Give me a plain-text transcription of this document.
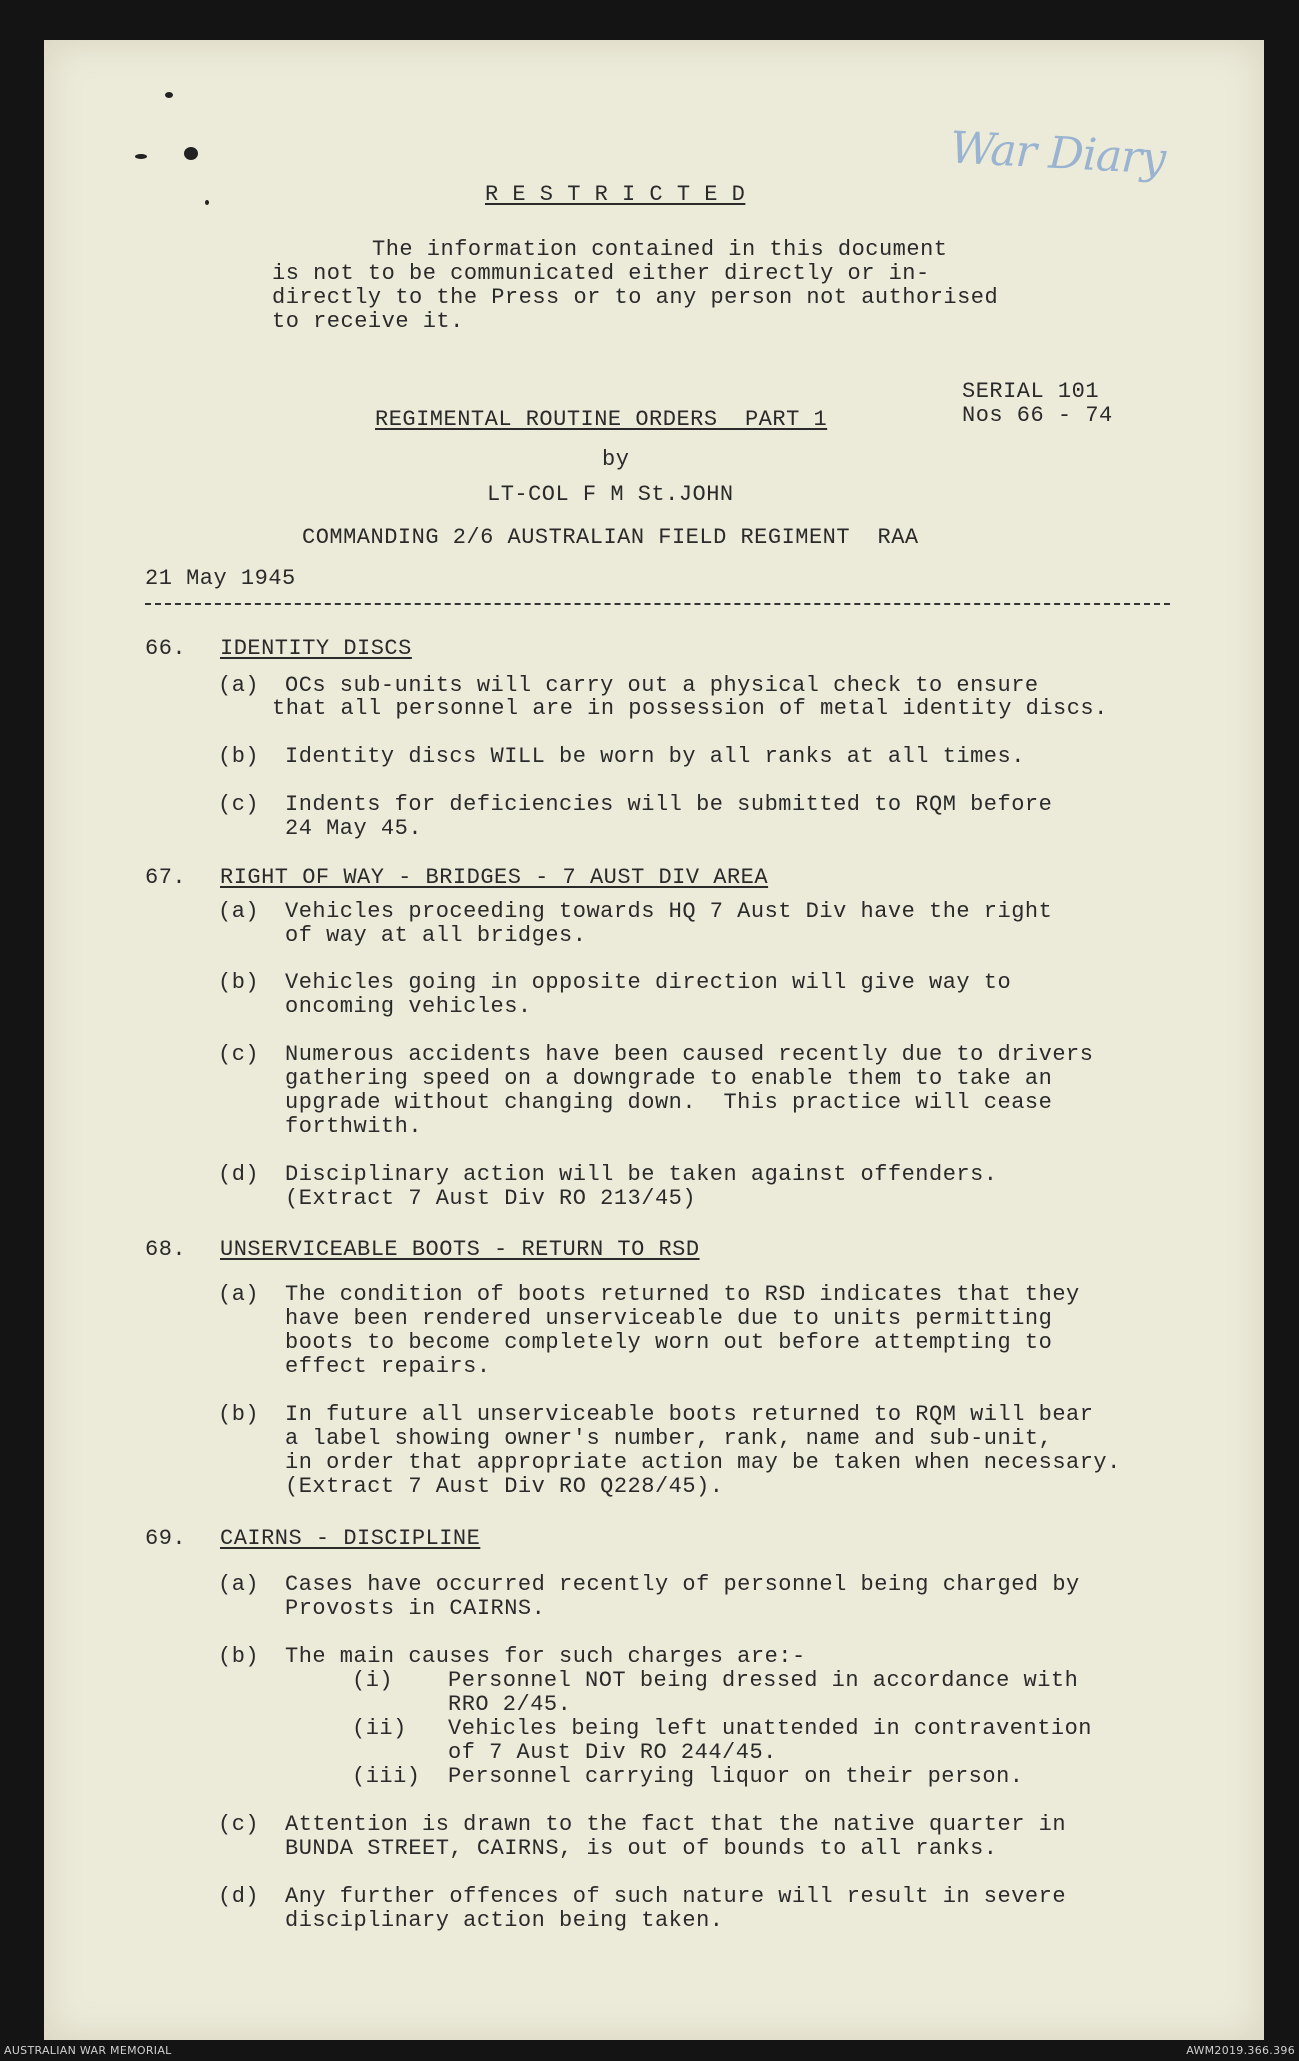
War Diary
R E S T R I C T E D
The information contained in this document
is not to be communicated either directly or in-
directly to the Press or to any person not authorised
to receive it.
SERIAL 101
Nos 66 - 74
REGIMENTAL ROUTINE ORDERS  PART 1
by
LT-COL F M St.JOHN
COMMANDING 2/6 AUSTRALIAN FIELD REGIMENT  RAA
21 May 1945
66. IDENTITY DISCS
(a) OCs sub-units will carry out a physical check to ensure
that all personnel are in possession of metal identity discs.
(b) Identity discs WILL be worn by all ranks at all times.
(c) Indents for deficiencies will be submitted to RQM before
24 May 45.
67. RIGHT OF WAY - BRIDGES - 7 AUST DIV AREA
(a) Vehicles proceeding towards HQ 7 Aust Div have the right
of way at all bridges.
(b) Vehicles going in opposite direction will give way to
oncoming vehicles.
(c) Numerous accidents have been caused recently due to drivers
gathering speed on a downgrade to enable them to take an
upgrade without changing down.  This practice will cease
forthwith.
(d) Disciplinary action will be taken against offenders.
(Extract 7 Aust Div RO 213/45)
68. UNSERVICEABLE BOOTS - RETURN TO RSD
(a) The condition of boots returned to RSD indicates that they
have been rendered unserviceable due to units permitting
boots to become completely worn out before attempting to
effect repairs.
(b) In future all unserviceable boots returned to RQM will bear
a label showing owner's number, rank, name and sub-unit,
in order that appropriate action may be taken when necessary.
(Extract 7 Aust Div RO Q228/45).
69. CAIRNS - DISCIPLINE
(a) Cases have occurred recently of personnel being charged by
Provosts in CAIRNS.
(b) The main causes for such charges are:-
(i) Personnel NOT being dressed in accordance with
RRO 2/45.
(ii) Vehicles being left unattended in contravention
of 7 Aust Div RO 244/45.
(iii) Personnel carrying liquor on their person.
(c) Attention is drawn to the fact that the native quarter in
BUNDA STREET, CAIRNS, is out of bounds to all ranks.
(d) Any further offences of such nature will result in severe
disciplinary action being taken.
AUSTRALIAN WAR MEMORIAL	AWM2019.366.396
